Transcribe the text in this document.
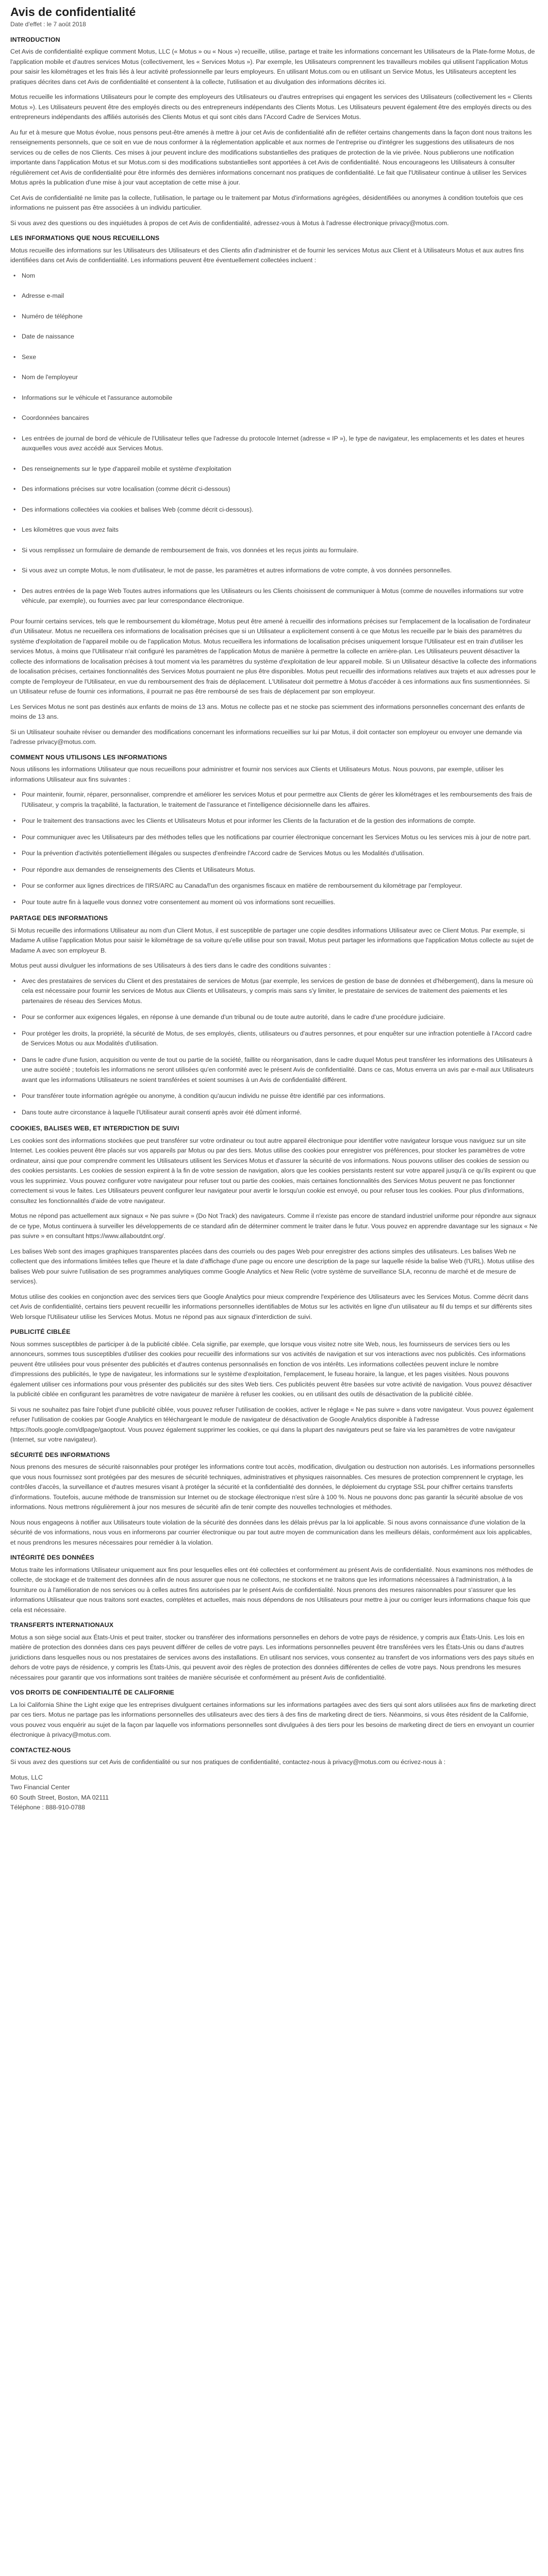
Avis de confidentialité
Date d'effet : le 7 août 2018
INTRODUCTION

Cet Avis de confidentialité explique comment Motus, LLC (« Motus » ou « Nous ») recueille, utilise, partage et traite les informations concernant les Utilisateurs de la Plate-forme Motus, de l'application mobile et d'autres services Motus (collectivement, les « Services Motus »). Par exemple, les Utilisateurs comprennent les travailleurs mobiles qui utilisent l'application Motus pour saisir les kilométrages et les frais liés à leur activité professionnelle par leurs employeurs. En utilisant Motus.com ou en utilisant un Service Motus, les Utilisateurs acceptent les pratiques décrites dans cet Avis de confidentialité et consentent à la collecte, l'utilisation et au divulgation des informations décrites ici.

Motus recueille les informations Utilisateurs pour le compte des employeurs des Utilisateurs ou d'autres entreprises qui engagent les services des Utilisateurs (collectivement les « Clients Motus »). Les Utilisateurs peuvent être des employés directs ou des entrepreneurs indépendants des Clients Motus. Les Utilisateurs peuvent également être des employés directs ou des entrepreneurs indépendants des affiliés autorisés des Clients Motus et qui sont cités dans l'Accord Cadre de Services Motus.

Au fur et à mesure que Motus évolue, nous pensons peut-être amenés à mettre à jour cet Avis de confidentialité afin de refléter certains changements dans la façon dont nous traitons les renseignements personnels, que ce soit en vue de nous conformer à la réglementation applicable et aux normes de l'entreprise ou d'intégrer les suggestions des utilisateurs de nos services ou de celles de nos Clients. Ces mises à jour peuvent inclure des modifications substantielles des pratiques de protection de la vie privée. Nous publierons une notification importante dans l'application Motus et sur Motus.com si des modifications substantielles sont apportées à cet Avis de confidentialité. Nous encourageons les Utilisateurs à consulter régulièrement cet Avis de confidentialité pour être informés des dernières informations concernant nos pratiques de confidentialité. Le fait que l'Utilisateur continue à utiliser les Services Motus après la publication d'une mise à jour vaut acceptation de cette mise à jour.

Cet Avis de confidentialité ne limite pas la collecte, l'utilisation, le partage ou le traitement par Motus d'informations agrégées, désidentifiées ou anonymes à condition toutefois que ces informations ne puissent pas être associées à un individu particulier.

Si vous avez des questions ou des inquiétudes à propos de cet Avis de confidentialité, adressez-vous à Motus à l'adresse électronique privacy@motus.com.

LES INFORMATIONS QUE NOUS RECUEILLONS

Motus recueille des informations sur les Utilisateurs des Utilisateurs et des Clients afin d'administrer et de fournir les services Motus aux Client et à Utilisateurs Motus et aux autres fins identifiées dans cet Avis de confidentialité. Les informations peuvent être éventuellement collectées incluent :

• Nom
• Adresse e-mail
• Numéro de téléphone
• Date de naissance
• Sexe
• Nom de l'employeur
• Informations sur le véhicule et l'assurance automobile
• Coordonnées bancaires
• Les entrées de journal de bord de véhicule de l'Utilisateur telles que l'adresse du protocole Internet (adresse « IP »), le type de navigateur, les emplacements et les dates et heures auxquelles vous avez accédé aux Services Motus.
• Des renseignements sur le type d'appareil mobile et système d'exploitation
• Des informations précises sur votre localisation (comme décrit ci-dessous)
• Des informations collectées via cookies et balises Web (comme décrit ci-dessous).
• Les kilomètres que vous avez faits
• Si vous remplissez un formulaire de demande de remboursement de frais, vos données et les reçus joints au formulaire.
• Si vous avez un compte Motus, le nom d'utilisateur, le mot de passe, les paramètres et autres informations de votre compte, à vos données personnelles.
• Des autres entrées de la page Web Toutes autres informations que les Utilisateurs ou les Clients choisissent de communiquer à Motus (comme de nouvelles informations sur votre véhicule, par exemple), ou fournies avec par leur correspondance électronique.

Pour fournir certains services, tels que le remboursement du kilométrage, Motus peut être amené à recueillir des informations précises sur l'emplacement de la localisation de l'ordinateur d'un Utilisateur. Motus ne recueillera ces informations de localisation précises que si un Utilisateur a explicitement consenti à ce que Motus les recueille par le biais des paramètres du système d'exploitation de l'appareil mobile ou de l'application Motus. Motus recueillera les informations de localisation précises uniquement lorsque l'Utilisateur est en train d'utiliser les services Motus, à moins que l'Utilisateur n'ait configuré les paramètres de l'application Motus de manière à permettre la collecte en arrière-plan. Les Utilisateurs peuvent désactiver la collecte des informations de localisation précises à tout moment via les paramètres du système d'exploitation de leur appareil mobile. Si un Utilisateur désactive la collecte des informations de localisation précises, certaines fonctionnalités des Services Motus pourraient ne plus être disponibles. Motus peut recueillir des informations relatives aux trajets et aux adresses pour le compte de l'employeur de l'Utilisateur, en vue du remboursement des frais de déplacement. L'Utilisateur doit permettre à Motus d'accéder à ces informations aux fins susmentionnées. Si un Utilisateur refuse de fournir ces informations, il pourrait ne pas être remboursé de ses frais de déplacement par son employeur.

Les Services Motus ne sont pas destinés aux enfants de moins de 13 ans. Motus ne collecte pas et ne stocke pas sciemment des informations personnelles concernant des enfants de moins de 13 ans.

Si un Utilisateur souhaite réviser ou demander des modifications concernant les informations recueillies sur lui par Motus, il doit contacter son employeur ou envoyer une demande via l'adresse privacy@motus.com.

COMMENT NOUS UTILISONS LES INFORMATIONS

Nous utilisons les informations Utilisateur que nous recueillons pour administrer et fournir nos services aux Clients et Utilisateurs Motus. Nous pouvons, par exemple, utiliser les informations Utilisateur aux fins suivantes :

• Pour maintenir, fournir, réparer, personnaliser, comprendre et améliorer les services Motus et pour permettre aux Clients de gérer les kilométrages et les remboursements des frais de l'Utilisateur, y compris la traçabilité, la facturation, le traitement de l'assurance et l'intelligence décisionnelle dans les affaires.
• Pour le traitement des transactions avec les Clients et Utilisateurs Motus et pour informer les Clients de la facturation et de la gestion des informations de compte.
• Pour communiquer avec les Utilisateurs par des méthodes telles que les notifications par courrier électronique concernant les Services Motus ou les services mis à jour de notre part.
• Pour la prévention d'activités potentiellement illégales ou suspectes d'enfreindre l'Accord cadre de Services Motus ou les Modalités d'utilisation.
• Pour répondre aux demandes de renseignements des Clients et Utilisateurs Motus.
• Pour se conformer aux lignes directrices de l'IRS/ARC au Canada/l'un des organismes fiscaux en matière de remboursement du kilométrage par l'employeur.
• Pour toute autre fin à laquelle vous donnez votre consentement au moment où vos informations sont recueillies.
PARTAGE DES INFORMATIONS

Si Motus recueille des informations Utilisateur au nom d'un Client Motus, il est susceptible de partager une copie desdites informations Utilisateur avec ce Client Motus. Par exemple, si Madame A utilise l'application Motus pour saisir le kilométrage de sa voiture qu'elle utilise pour son travail, Motus peut partager les informations que l'application Motus collecte au sujet de Madame A avec son employeur B.

Motus peut aussi divulguer les informations de ses Utilisateurs à des tiers dans le cadre des conditions suivantes :

• Avec des prestataires de services du Client et des prestataires de services de Motus (par exemple, les services de gestion de base de données et d'hébergement), dans la mesure où cela est nécessaire pour fournir les services de Motus aux Clients et Utilisateurs, y compris mais sans s'y limiter, le prestataire de services de traitement des paiements et les partenaires de réseau des Services Motus.
• Pour se conformer aux exigences légales, en réponse à une demande d'un tribunal ou de toute autre autorité, dans le cadre d'une procédure judiciaire.
• Pour protéger les droits, la propriété, la sécurité de Motus, de ses employés, clients, utilisateurs ou d'autres personnes, et pour enquêter sur une infraction potentielle à l'Accord cadre de Services Motus ou aux Modalités d'utilisation.
• Dans le cadre d'une fusion, acquisition ou vente de tout ou partie de la société, faillite ou réorganisation, dans le cadre duquel Motus peut transférer les informations des Utilisateurs à une autre société ; toutefois les informations ne seront utilisées qu'en conformité avec le présent Avis de confidentialité. Dans ce cas, Motus enverra un avis par e-mail aux Utilisateurs avant que les informations Utilisateurs ne soient transférées et soient soumises à un Avis de confidentialité différent.
• Pour transférer toute information agrégée ou anonyme, à condition qu'aucun individu ne puisse être identifié par ces informations.
• Dans toute autre circonstance à laquelle l'Utilisateur aurait consenti après avoir été dûment informé.
COOKIES, BALISES WEB, ET INTERDICTION DE SUIVI

Les cookies sont des informations stockées que peut transférer sur votre ordinateur ou tout autre appareil électronique pour identifier votre navigateur lorsque vous naviguez sur un site Internet. Les cookies peuvent être placés sur vos appareils par Motus ou par des tiers. Motus utilise des cookies pour enregistrer vos préférences, pour stocker les paramètres de votre ordinateur, ainsi que pour comprendre comment les Utilisateurs utilisent les Services Motus et d'assurer la sécurité de vos informations. Nous pouvons utiliser des cookies de session ou des cookies persistants. Les cookies de session expirent à la fin de votre session de navigation, alors que les cookies persistants restent sur votre appareil jusqu'à ce qu'ils expirent ou que vous les supprimiez. Vous pouvez configurer votre navigateur pour refuser tout ou partie des cookies, mais certaines fonctionnalités des Services Motus peuvent ne pas fonctionner correctement si vous le faites. Les Utilisateurs peuvent configurer leur navigateur pour avertir le lorsqu'un cookie est envoyé, ou pour refuser tous les cookies. Pour plus d'informations, consultez les fonctionnalités d'aide de votre navigateur.

Motus ne répond pas actuellement aux signaux « Ne pas suivre » (Do Not Track) des navigateurs. Comme il n'existe pas encore de standard industriel uniforme pour répondre aux signaux de ce type, Motus continuera à surveiller les développements de ce standard afin de déterminer comment le traiter dans le futur. Vous pouvez en apprendre davantage sur les signaux « Ne pas suivre » en consultant https://www.allaboutdnt.org/.

Les balises Web sont des images graphiques transparentes placées dans des courriels ou des pages Web pour enregistrer des actions simples des utilisateurs. Les balises Web ne collectent que des informations limitées telles que l'heure et la date d'affichage d'une page ou encore une description de la page sur laquelle réside la balise Web (l'URL). Motus utilise des balises Web pour suivre l'utilisation de ses programmes analytiques comme Google Analytics et New Relic (votre système de surveillance SLA, reconnu de marché et de mesure de services).

Motus utilise des cookies en conjonction avec des services tiers que Google Analytics pour mieux comprendre l'expérience des Utilisateurs avec les Services Motus. Comme décrit dans cet Avis de confidentialité, certains tiers peuvent recueillir les informations personnelles identifiables de Motus sur les activités en ligne d'un utilisateur au fil du temps et sur différents sites Web lorsque l'Utilisateur utilise les Services Motus. Motus ne répond pas aux signaux d'interdiction de suivi.

PUBLICITÉ CIBLÉE

Nous sommes susceptibles de participer à de la publicité ciblée. Cela signifie, par exemple, que lorsque vous visitez notre site Web, nous, les fournisseurs de services tiers ou les annonceurs, sommes tous susceptibles d'utiliser des cookies pour recueillir des informations sur vos activités de navigation et sur vos interactions avec nos publicités. Ces informations peuvent être utilisées pour vous présenter des publicités et d'autres contenus personnalisés en fonction de vos intérêts. Les informations collectées peuvent inclure le nombre d'impressions des publicités, le type de navigateur, les informations sur le système d'exploitation, l'emplacement, le fuseau horaire, la langue, et les pages visitées. Nous pouvons également utiliser ces informations pour vous présenter des publicités sur des sites Web tiers. Ces publicités peuvent être basées sur votre activité de navigation. Vous pouvez désactiver la publicité ciblée en configurant les paramètres de votre navigateur de manière à refuser les cookies, ou en utilisant des outils de désactivation de la publicité ciblée.

Si vous ne souhaitez pas faire l'objet d'une publicité ciblée, vous pouvez refuser l'utilisation de cookies, activer le réglage « Ne pas suivre » dans votre navigateur. Vous pouvez également refuser l'utilisation de cookies par Google Analytics en téléchargeant le module de navigateur de désactivation de Google Analytics disponible à l'adresse https://tools.google.com/dlpage/gaoptout. Vous pouvez également supprimer les cookies, ce qui dans la plupart des navigateurs peut se faire via les paramètres de votre navigateur (Internet, sur votre navigateur).

SÉCURITÉ DES INFORMATIONS

Nous prenons des mesures de sécurité raisonnables pour protéger les informations contre tout accès, modification, divulgation ou destruction non autorisés. Les informations personnelles que vous nous fournissez sont protégées par des mesures de sécurité techniques, administratives et physiques raisonnables. Ces mesures de protection comprennent le cryptage, les contrôles d'accès, la surveillance et d'autres mesures visant à protéger la sécurité et la confidentialité des données, le déploiement du cryptage SSL pour chiffrer certains transferts d'informations. Toutefois, aucune méthode de transmission sur Internet ou de stockage électronique n'est sûre à 100 %. Nous ne pouvons donc pas garantir la sécurité absolue de vos informations. Nous mettrons régulièrement à jour nos mesures de sécurité afin de tenir compte des nouvelles technologies et méthodes.

Nous nous engageons à notifier aux Utilisateurs toute violation de la sécurité des données dans les délais prévus par la loi applicable. Si nous avons connaissance d'une violation de la sécurité de vos informations, nous vous en informerons par courrier électronique ou par tout autre moyen de communication dans les meilleurs délais, conformément aux lois applicables, et nous prendrons les mesures nécessaires pour remédier à la violation.

INTÉGRITÉ DES DONNÉES

Motus traite les informations Utilisateur uniquement aux fins pour lesquelles elles ont été collectées et conformément au présent Avis de confidentialité. Nous examinons nos méthodes de collecte, de stockage et de traitement des données afin de nous assurer que nous ne collectons, ne stockons et ne traitons que les informations nécessaires à l'administration, à la fourniture ou à l'amélioration de nos services ou à celles autres fins autorisées par le présent Avis de confidentialité. Nous prenons des mesures raisonnables pour s'assurer que les informations Utilisateur que nous traitons sont exactes, complètes et actuelles, mais nous dépendons de nos Utilisateurs pour mettre à jour ou corriger leurs informations chaque fois que cela est nécessaire.

TRANSFERTS INTERNATIONAUX

Motus a son siège social aux États-Unis et peut traiter, stocker ou transférer des informations personnelles en dehors de votre pays de résidence, y compris aux États-Unis. Les lois en matière de protection des données dans ces pays peuvent différer de celles de votre pays. Les informations personnelles peuvent être transférées vers les États-Unis ou dans d'autres juridictions dans lesquelles nous ou nos prestataires de services avons des installations. En utilisant nos services, vous consentez au transfert de vos informations vers des pays situés en dehors de votre pays de résidence, y compris les États-Unis, qui peuvent avoir des règles de protection des données différentes de celles de votre pays. Nous prendrons les mesures nécessaires pour garantir que vos informations sont traitées de manière sécurisée et conformément au présent Avis de confidentialité.

VOS DROITS DE CONFIDENTIALITÉ DE CALIFORNIE

La loi California Shine the Light exige que les entreprises divulguent certaines informations sur les informations partagées avec des tiers qui sont alors utilisées aux fins de marketing direct par ces tiers. Motus ne partage pas les informations personnelles des utilisateurs avec des tiers à des fins de marketing direct de tiers. Néanmoins, si vous êtes résident de la Californie, vous pouvez vous enquérir au sujet de la façon par laquelle vos informations personnelles sont divulguées à des tiers pour les besoins de marketing direct de tiers en envoyant un courrier électronique à privacy@motus.com.

CONTACTEZ-NOUS

Si vous avez des questions sur cet Avis de confidentialité ou sur nos pratiques de confidentialité, contactez-nous à privacy@motus.com ou écrivez-nous à :

Motus, LLC

Two Financial Center

60 South Street, Boston, MA 02111

Téléphone : 888-910-0788
